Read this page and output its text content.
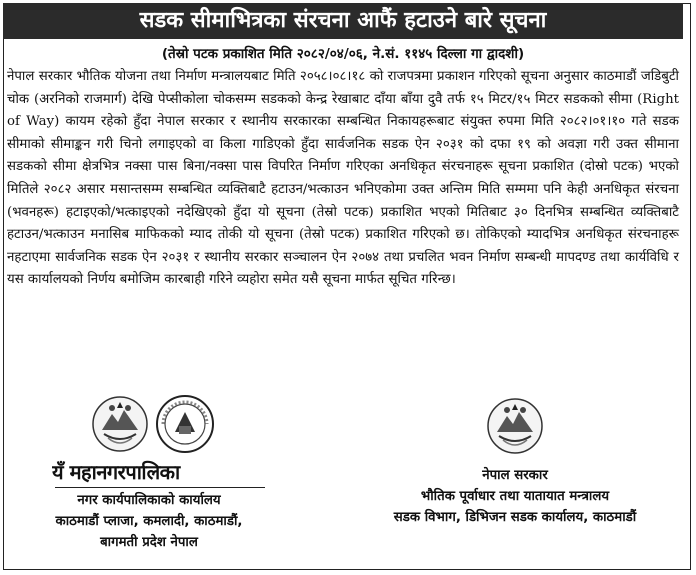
सडक सीमाभित्रका संरचना आफैं हटाउने बारे सूचना
(तेस्रो पटक प्रकाशित मिति २०८२/०४/०६, ने.सं. ११४५ दिल्ला गा द्वादशी)

नेपाल सरकार भौतिक योजना तथा निर्माण मन्त्रालयबाट मिति २०५८।०८।१८ को राजपत्रमा प्रकाशन गरिएको सूचना अनुसार काठमाडौं जडिबुटी चोक (अरनिको राजमार्ग) देखि पेप्सीकोला चोकसम्म सडकको केन्द्र रेखाबाट दाँया बाँया दुवै तर्फ १५ मिटर/१५ मिटर सडकको सीमा (Right of Way) कायम रहेको हुँदा नेपाल सरकार र स्थानीय सरकारका सम्बन्धित निकायहरूबाट संयुक्त रुपमा मिति २०८२।०१।१० गते सडक सीमाको सीमाङ्कन गरी चिनो लगाइएको वा किला गाडिएको हुँदा सार्वजनिक सडक ऐन २०३१ को दफा १९ को अवज्ञा गरी उक्त सीमाना सडकको सीमा क्षेत्रभित्र नक्सा पास बिना/नक्सा पास विपरित निर्माण गरिएका अनधिकृत संरचनाहरू सूचना प्रकाशित (दोस्रो पटक) भएको मितिले २०८२ असार मसान्तसम्म सम्बन्धित व्यक्तिबाटै हटाउन/भत्काउन भनिएकोमा उक्त अन्तिम मिति सम्ममा पनि केही अनधिकृत संरचना (भवनहरू) हटाइएको/भत्काइएको नदेखिएको हुँदा यो सूचना (तेस्रो पटक) प्रकाशित भएको मितिबाट ३० दिनभित्र सम्बन्धित व्यक्तिबाटै हटाउन/भत्काउन मनासिब माफिकको म्याद तोकी यो सूचना (तेस्रो पटक) प्रकाशित गरिएको छ। तोकिएको म्यादभित्र अनधिकृत संरचनाहरू नहटाएमा सार्वजनिक सडक ऐन २०३१ र स्थानीय सरकार सञ्चालन ऐन २०७४ तथा प्रचलित भवन निर्माण सम्बन्धी मापदण्ड तथा कार्यविधि र यस कार्यालयको निर्णय बमोजिम कारबाही गरिने व्यहोरा समेत यसै सूचना मार्फत सूचित गरिन्छ।

यँ महानगरपालिका
नगर कार्यपालिकाको कार्यालय
काठमाडौं प्लाजा, कमलादी, काठमाडौं,
बागमती प्रदेश नेपाल
नेपाल सरकार
भौतिक पूर्वाधार तथा यातायात मन्त्रालय
सडक विभाग, डिभिजन सडक कार्यालय, काठमाडौं
